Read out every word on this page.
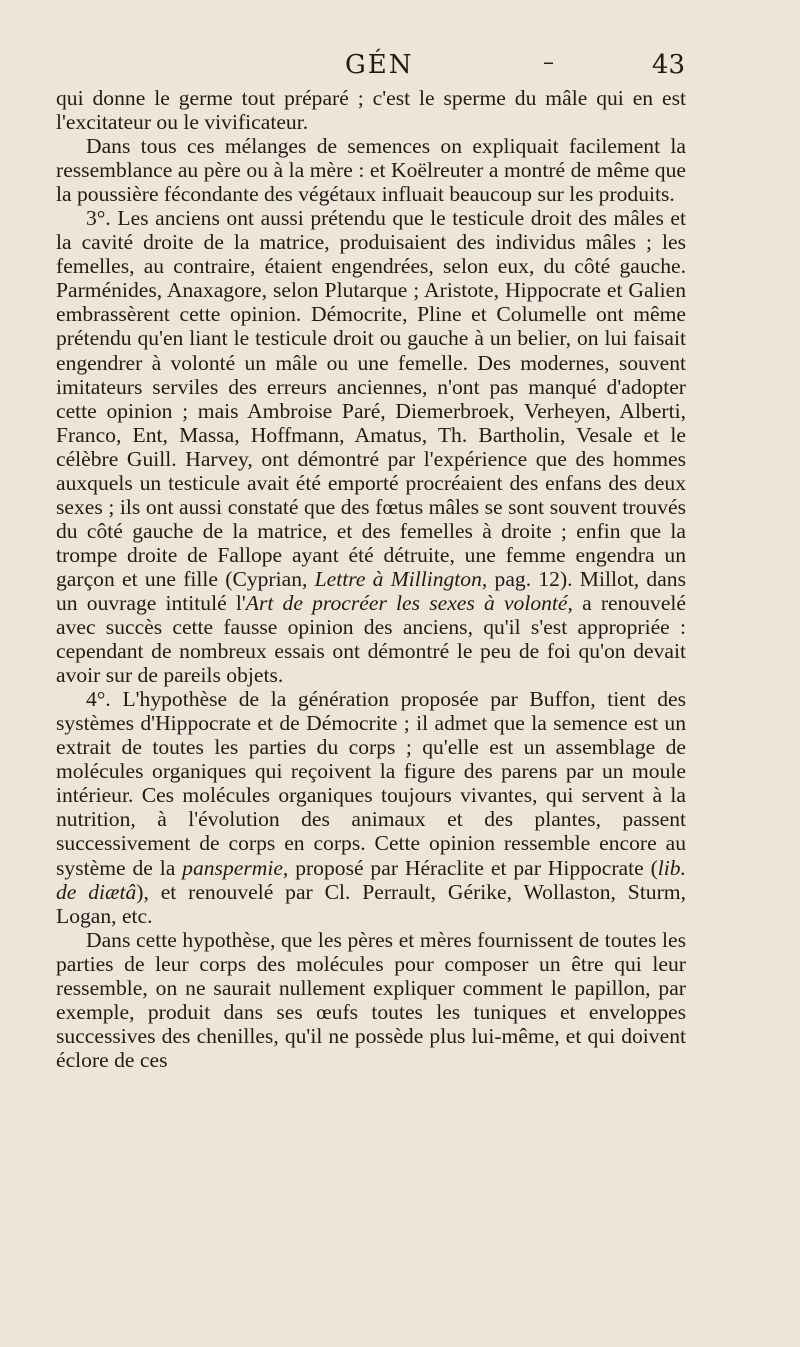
GÉN	–	43

qui donne le germe tout préparé ; c'est le sperme du mâle qui en est l'excitateur ou le vivificateur.

Dans tous ces mélanges de semences on expliquait facilement la ressemblance au père ou à la mère : et Koëlreuter a montré de même que la poussière fécondante des végétaux influait beaucoup sur les produits.

3°. Les anciens ont aussi prétendu que le testicule droit des mâles et la cavité droite de la matrice, produisaient des individus mâles ; les femelles, au contraire, étaient engendrées, selon eux, du côté gauche. Parménides, Anaxagore, selon Plutarque ; Aristote, Hippocrate et Galien embrassèrent cette opinion. Démocrite, Pline et Columelle ont même prétendu qu'en liant le testicule droit ou gauche à un belier, on lui faisait engendrer à volonté un mâle ou une femelle. Des modernes, souvent imitateurs serviles des erreurs anciennes, n'ont pas manqué d'adopter cette opinion ; mais Ambroise Paré, Diemerbroek, Verheyen, Alberti, Franco, Ent, Massa, Hoffmann, Amatus, Th. Bartholin, Vesale et le célèbre Guill. Harvey, ont démontré par l'expérience que des hommes auxquels un testicule avait été emporté procréaient des enfans des deux sexes ; ils ont aussi constaté que des fœtus mâles se sont souvent trouvés du côté gauche de la matrice, et des femelles à droite ; enfin que la trompe droite de Fallope ayant été détruite, une femme engendra un garçon et une fille (Cyprian, Lettre à Millington, pag. 12). Millot, dans un ouvrage intitulé l'Art de procréer les sexes à volonté, a renouvelé avec succès cette fausse opinion des anciens, qu'il s'est appropriée : cependant de nombreux essais ont démontré le peu de foi qu'on devait avoir sur de pareils objets.

4°. L'hypothèse de la génération proposée par Buffon, tient des systèmes d'Hippocrate et de Démocrite ; il admet que la semence est un extrait de toutes les parties du corps ; qu'elle est un assemblage de molécules organiques qui reçoivent la figure des parens par un moule intérieur. Ces molécules organiques toujours vivantes, qui servent à la nutrition, à l'évolution des animaux et des plantes, passent successivement de corps en corps. Cette opinion ressemble encore au système de la panspermie, proposé par Héraclite et par Hippocrate (lib. de diætâ), et renouvelé par Cl. Perrault, Gérike, Wollaston, Sturm, Logan, etc.

Dans cette hypothèse, que les pères et mères fournissent de toutes les parties de leur corps des molécules pour composer un être qui leur ressemble, on ne saurait nullement expliquer comment le papillon, par exemple, produit dans ses œufs toutes les tuniques et enveloppes successives des chenilles, qu'il ne possède plus lui-même, et qui doivent éclore de ces
